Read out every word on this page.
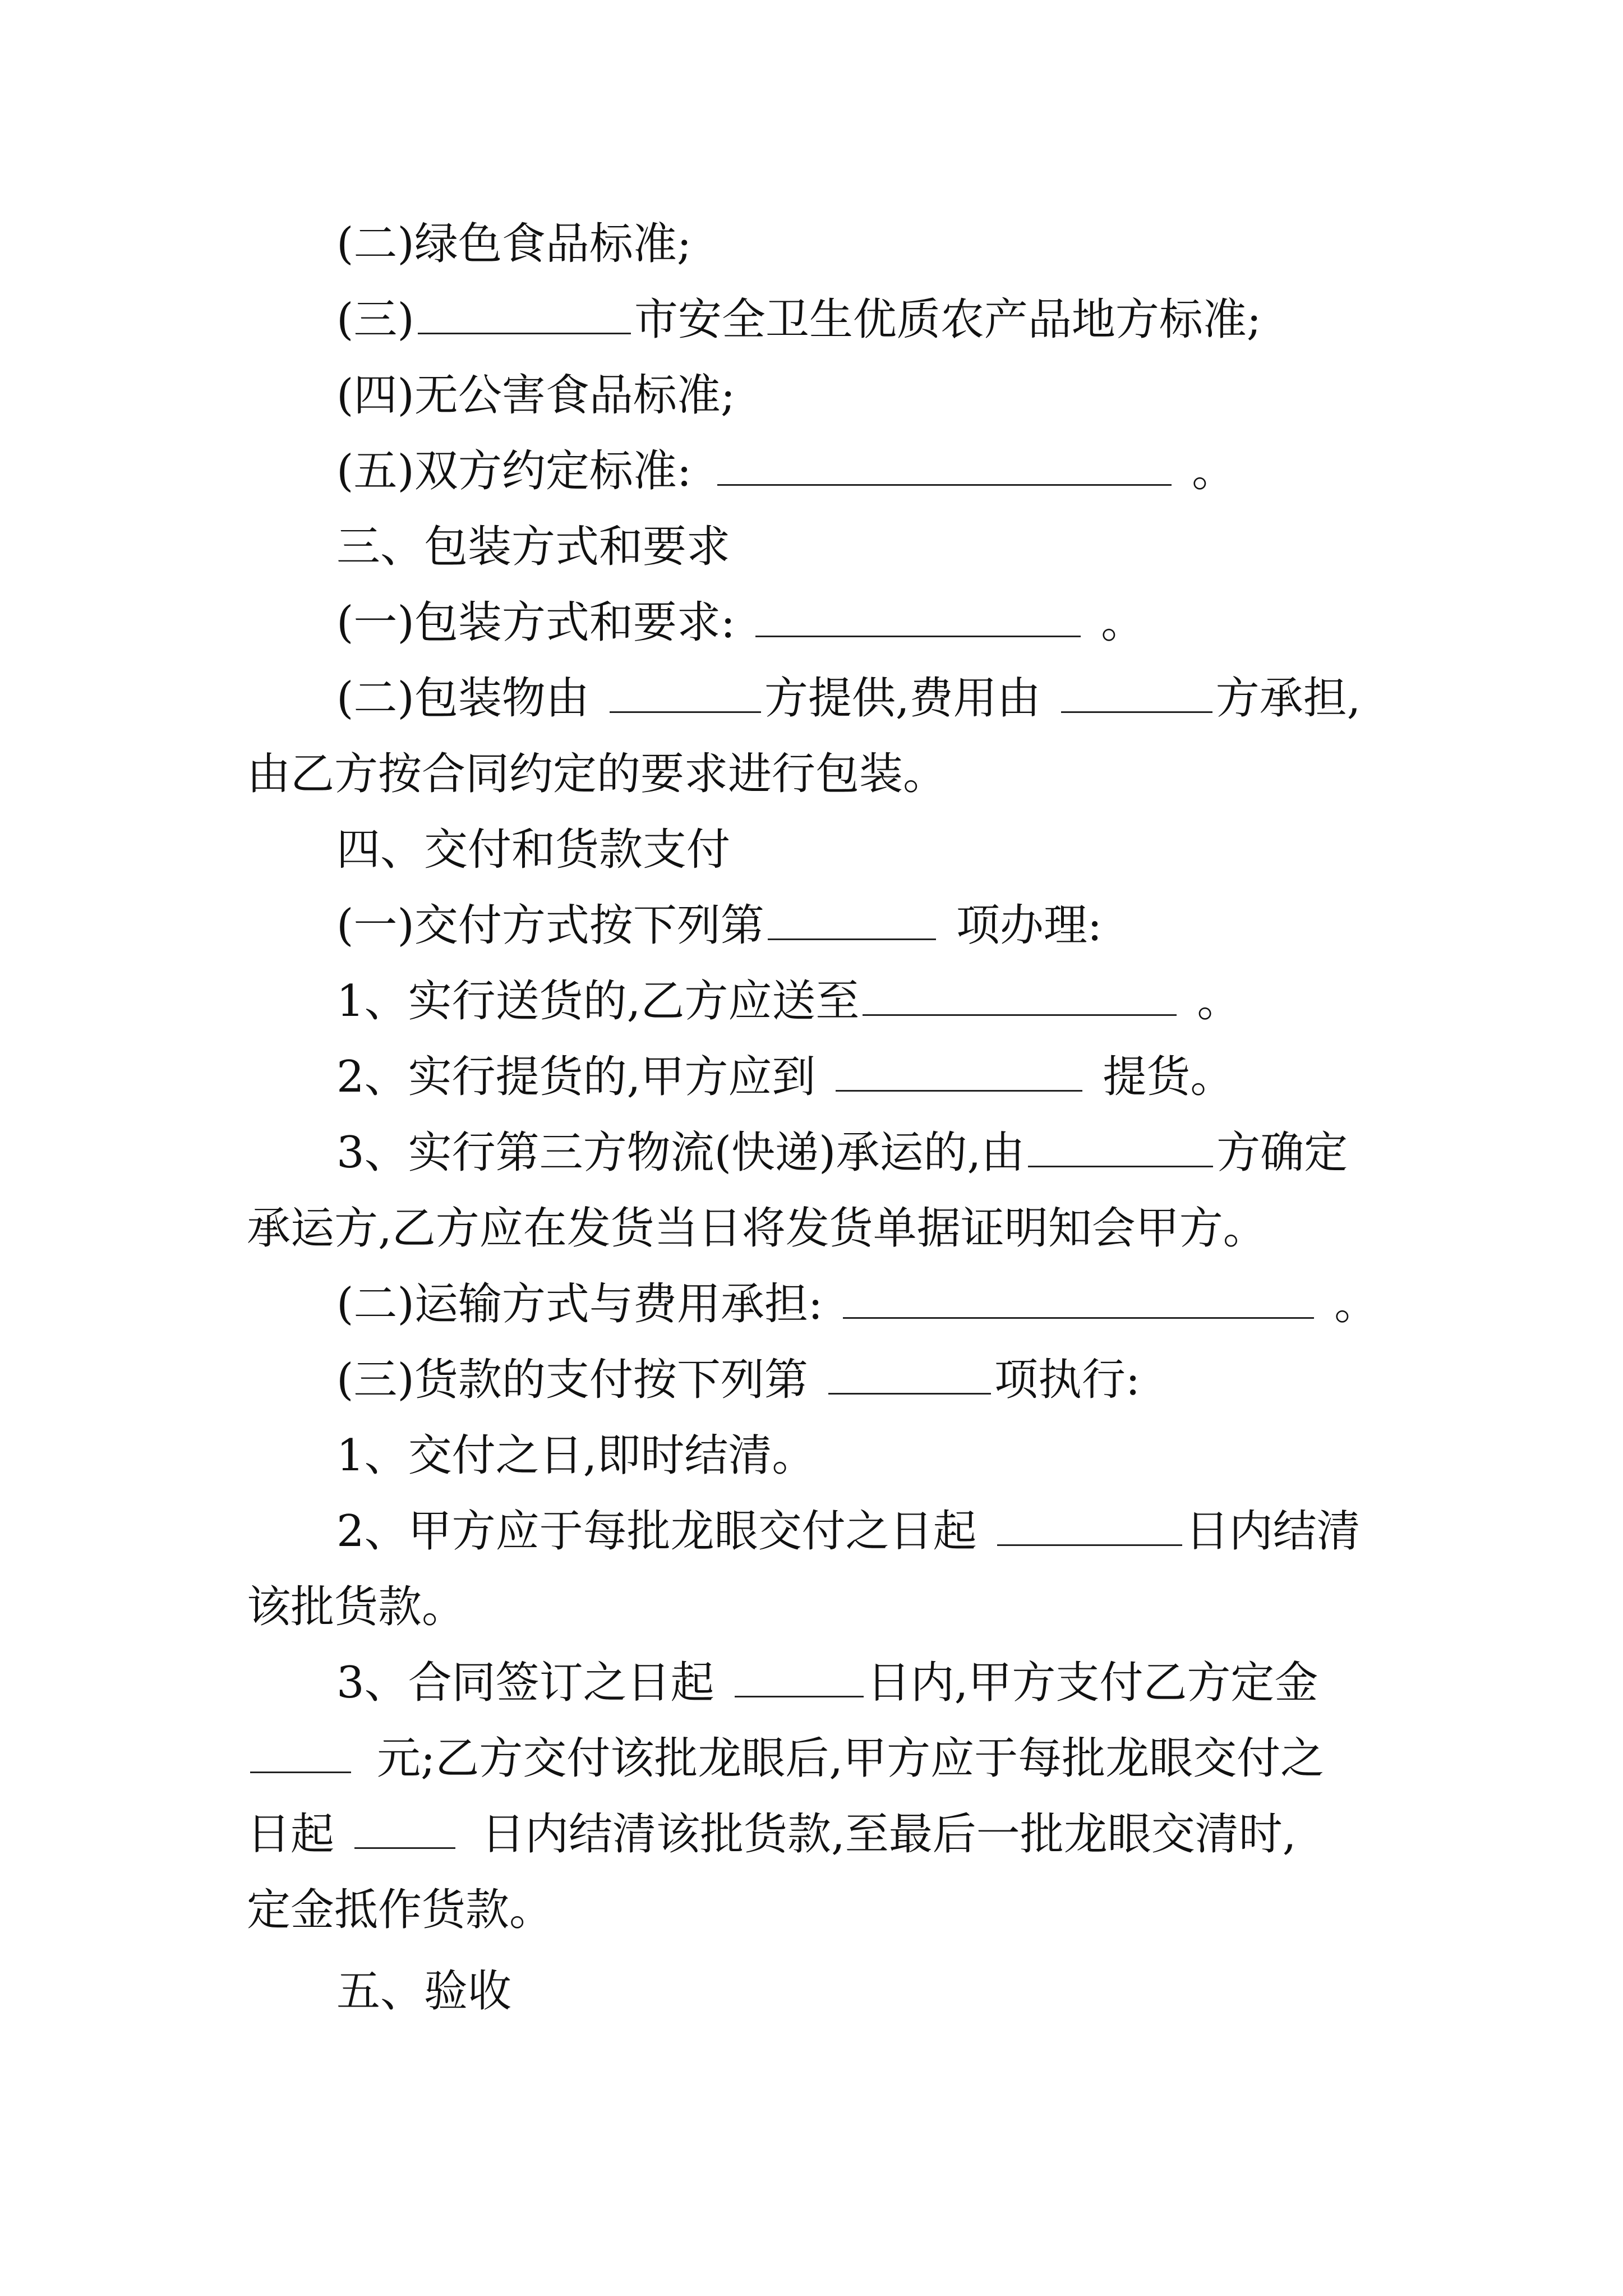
(二)绿色食品标准;
(三)	市安全卫生优质农产品地方标准;
(四)无公害食品标准;
(五)双方约定标准:	。
三、包装方式和要求
(一)包装方式和要求:	。
(二)包装物由	方提供,费用由	方承担,
由乙方按合同约定的要求进行包装。
四、交付和货款支付
(一)交付方式按下列第	项办理:
1、实行送货的,乙方应送至	。
2、实行提货的,甲方应到	提货。
3、实行第三方物流(快递)承运的,由	方确定
承运方,乙方应在发货当日将发货单据证明知会甲方。
(二)运输方式与费用承担:	。
(三)货款的支付按下列第	项执行:
1、交付之日,即时结清。
2、甲方应于每批龙眼交付之日起	日内结清
该批货款。
3、合同签订之日起	日内,甲方支付乙方定金
元;乙方交付该批龙眼后,甲方应于每批龙眼交付之
日起	日内结清该批货款,至最后一批龙眼交清时,
定金抵作货款。
五、验收
